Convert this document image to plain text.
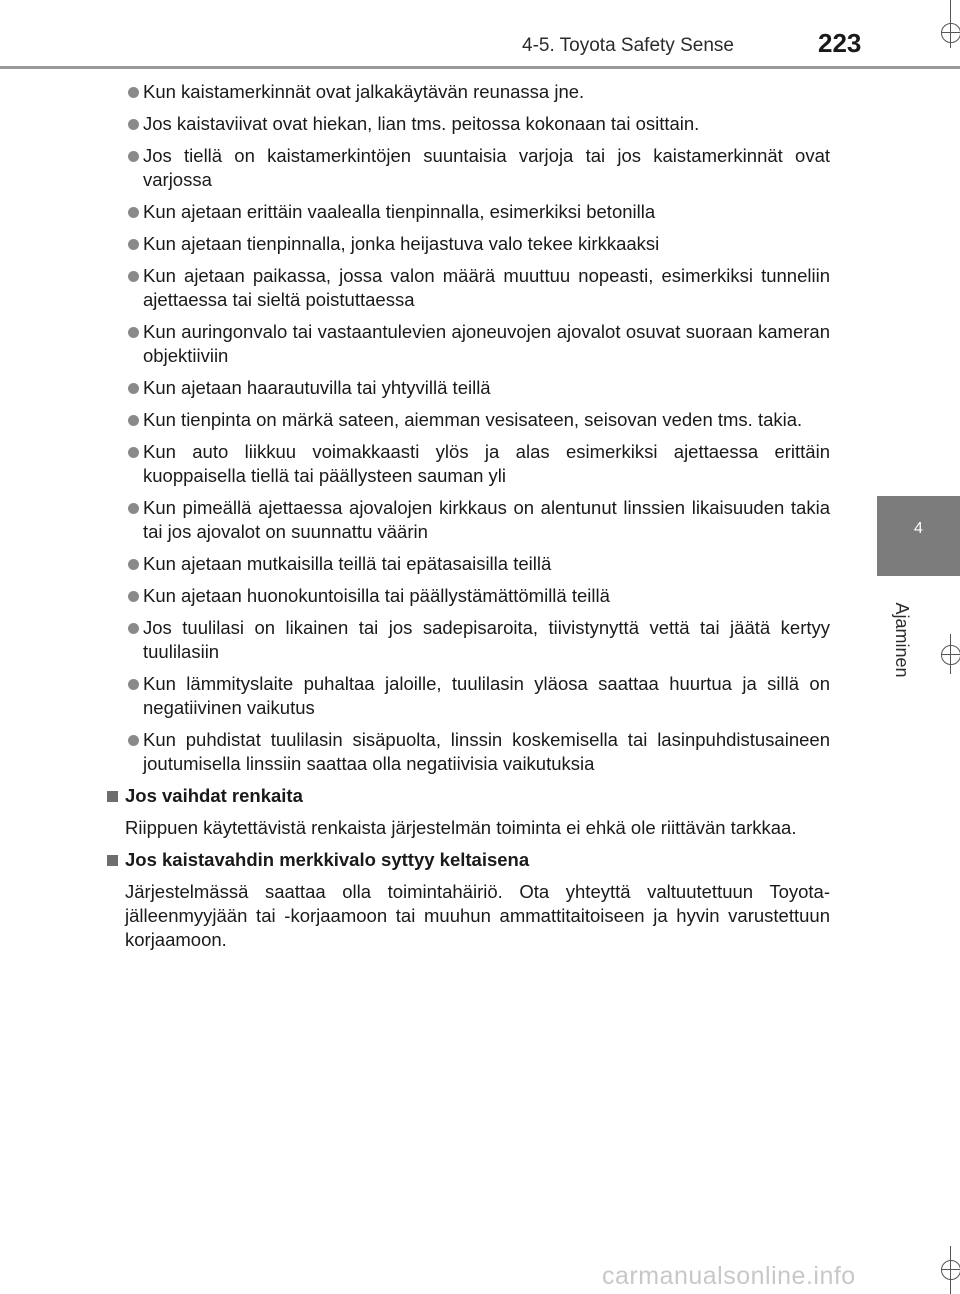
4-5. Toyota Safety Sense	223
4
Ajaminen
Kun kaistamerkinnät ovat jalkakäytävän reunassa jne.
Jos kaistaviivat ovat hiekan, lian tms. peitossa kokonaan tai osittain.
Jos tiellä on kaistamerkintöjen suuntaisia varjoja tai jos kaistamerkinnät ovat varjossa
Kun ajetaan erittäin vaalealla tienpinnalla, esimerkiksi betonilla
Kun ajetaan tienpinnalla, jonka heijastuva valo tekee kirkkaaksi
Kun ajetaan paikassa, jossa valon määrä muuttuu nopeasti, esimerkiksi tunneliin ajettaessa tai sieltä poistuttaessa
Kun auringonvalo tai vastaantulevien ajoneuvojen ajovalot osuvat suoraan kameran objektiiviin
Kun ajetaan haarautuvilla tai yhtyvillä teillä
Kun tienpinta on märkä sateen, aiemman vesisateen, seisovan veden tms. takia.
Kun auto liikkuu voimakkaasti ylös ja alas esimerkiksi ajettaessa erittäin kuoppaisella tiellä tai päällysteen sauman yli
Kun pimeällä ajettaessa ajovalojen kirkkaus on alentunut linssien likaisuuden takia tai jos ajovalot on suunnattu väärin
Kun ajetaan mutkaisilla teillä tai epätasaisilla teillä
Kun ajetaan huonokuntoisilla tai päällystämättömillä teillä
Jos tuulilasi on likainen tai jos sadepisaroita, tiivistynyttä vettä tai jäätä kertyy tuulilasiin
Kun lämmityslaite puhaltaa jaloille, tuulilasin yläosa saattaa huurtua ja sillä on negatiivinen vaikutus
Kun puhdistat tuulilasin sisäpuolta, linssin koskemisella tai lasinpuhdistusaineen joutumisella linssiin saattaa olla negatiivisia vaikutuksia
Jos vaihdat renkaita
Riippuen käytettävistä renkaista järjestelmän toiminta ei ehkä ole riittävän tarkkaa.
Jos kaistavahdin merkkivalo syttyy keltaisena
Järjestelmässä saattaa olla toimintahäiriö. Ota yhteyttä valtuutettuun Toyota-jälleenmyyjään tai -korjaamoon tai muuhun ammattitaitoiseen ja hyvin varustettuun korjaamoon.
carmanualsonline.info
